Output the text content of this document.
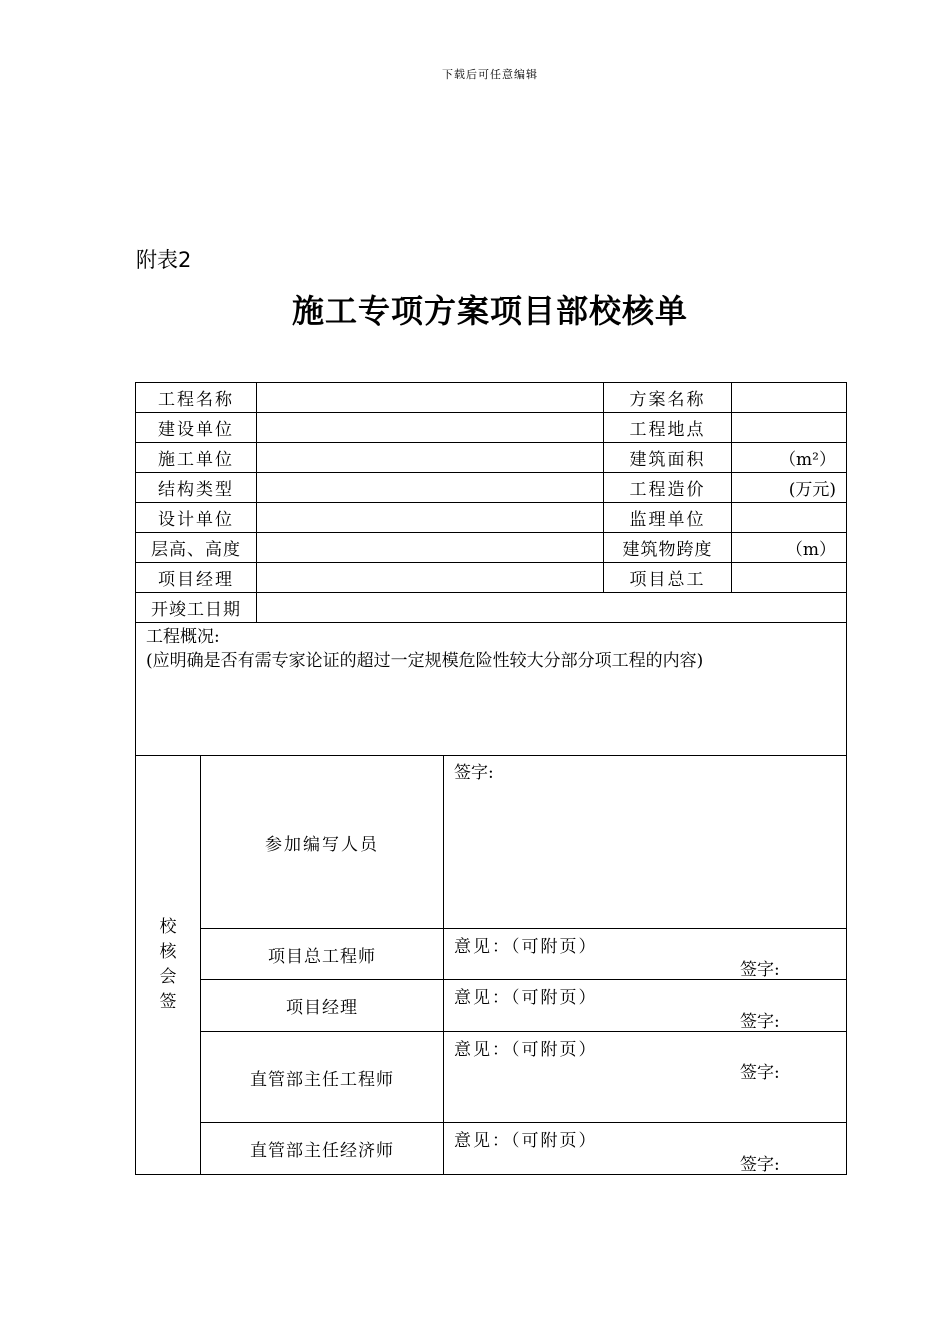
下载后可任意编辑
附表2
施工专项方案项目部校核单
工程名称				方案名称	
建设单位				工程地点	
施工单位				建筑面积	（m²）
结构类型				工程造价	(万元)
设计单位				监理单位	
层高、高度				建筑物跨度	（m）
项目经理				项目总工	
开竣工日期					

工程概况:
(应明确是否有需专家论证的超过一定规模危险性较大分部分项工程的内容)					

校
核
会
签	参加编写人员		签字:		

	项目总工程师		意见：（可附页）
签字:		

	项目经理		意见：（可附页）
签字:		

	直管部主任工程师		意见：（可附页）
签字:		

	直管部主任经济师		意见：（可附页）
签字:		
